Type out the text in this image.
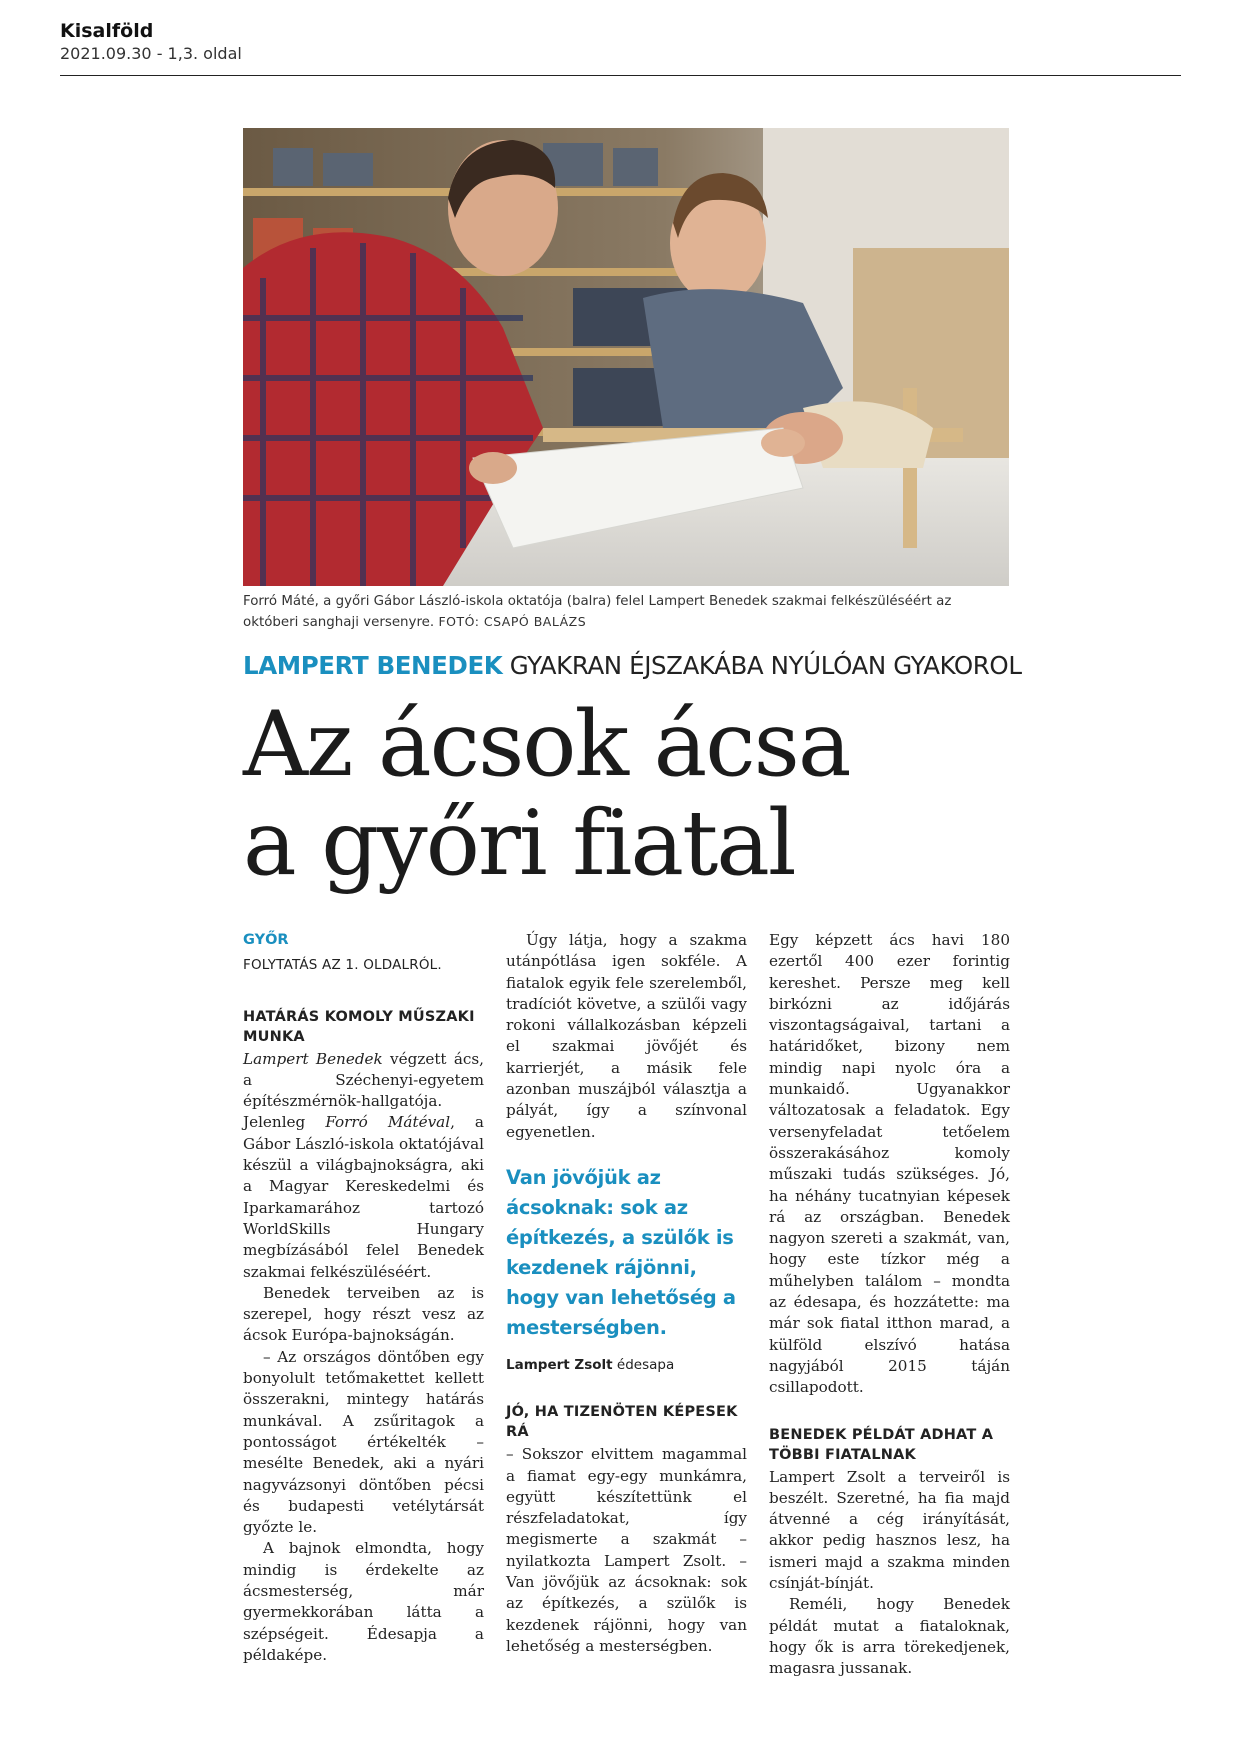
Kisalföld
2021.09.30 - 1,3. oldal
Forró Máté, a győri Gábor László-iskola oktatója (balra) felel Lampert Benedek szakmai felkészüléséért az októberi sanghaji versenyre. FOTÓ: CSAPÓ BALÁZS
LAMPERT BENEDEK GYAKRAN ÉJSZAKÁBA NYÚLÓAN GYAKOROL
Az ácsok ácsa
a győri fiatal
GYŐR
FOLYTATÁS AZ 1. OLDALRÓL.
HATÁRÁS KOMOLY MŰSZAKI MUNKA

Lampert Benedek végzett ács, a Széchenyi-egyetem építészmérnök-hallgatója. Jelenleg Forró Mátéval, a Gábor László-iskola oktatójával készül a világbajnokságra, aki a Magyar Kereskedelmi és Iparkamarához tartozó WorldSkills Hungary megbízásából felel Benedek szakmai felkészüléséért.

Benedek terveiben az is szerepel, hogy részt vesz az ácsok Európa-bajnokságán.

– Az országos döntőben egy bonyolult tetőmakettet kellett összerakni, mintegy határás munkával. A zsűritagok a pontosságot értékelték – mesélte Benedek, aki a nyári nagyvázsonyi döntőben pécsi és budapesti vetélytársát győzte le.

A bajnok elmondta, hogy mindig is érdekelte az ácsmesterség, már gyermekkorában látta a szépségeit. Édesapja a példaképe.

Úgy látja, hogy a szakma utánpótlása igen sokféle. A fiatalok egyik fele szerelemből, tradíciót követve, a szülői vagy rokoni vállalkozásban képzeli el szakmai jövőjét és karrierjét, a másik fele azonban muszájból választja a pályát, így a színvonal egyenetlen.

Van jövőjük az ácsoknak: sok az építkezés, a szülők is kezdenek rájönni, hogy van lehetőség a mesterségben.
Lampert Zsolt édesapa
JÓ, HA TIZENÖTEN KÉPESEK RÁ

– Sokszor elvittem magammal a fiamat egy-egy munkámra, együtt készítettünk el részfeladatokat, így megismerte a szakmát – nyilatkozta Lampert Zsolt. – Van jövőjük az ácsoknak: sok az építkezés, a szülők is kezdenek rájönni, hogy van lehetőség a mesterségben.

Egy képzett ács havi 180 ezertől 400 ezer forintig kereshet. Persze meg kell birkózni az időjárás viszontagságaival, tartani a határidőket, bizony nem mindig napi nyolc óra a munkaidő. Ugyanakkor változatosak a feladatok. Egy versenyfeladat tetőelem összerakásához komoly műszaki tudás szükséges. Jó, ha néhány tucatnyian képesek rá az országban. Benedek nagyon szereti a szakmát, van, hogy este tízkor még a műhelyben találom – mondta az édesapa, és hozzátette: ma már sok fiatal itthon marad, a külföld elszívó hatása nagyjából 2015 táján csillapodott.

BENEDEK PÉLDÁT ADHAT A TÖBBI FIATALNAK

Lampert Zsolt a terveiről is beszélt. Szeretné, ha fia majd átvenné a cég irányítását, akkor pedig hasznos lesz, ha ismeri majd a szakma minden csínját-bínját.

Reméli, hogy Benedek példát mutat a fiataloknak, hogy ők is arra törekedjenek, magasra jussanak.
